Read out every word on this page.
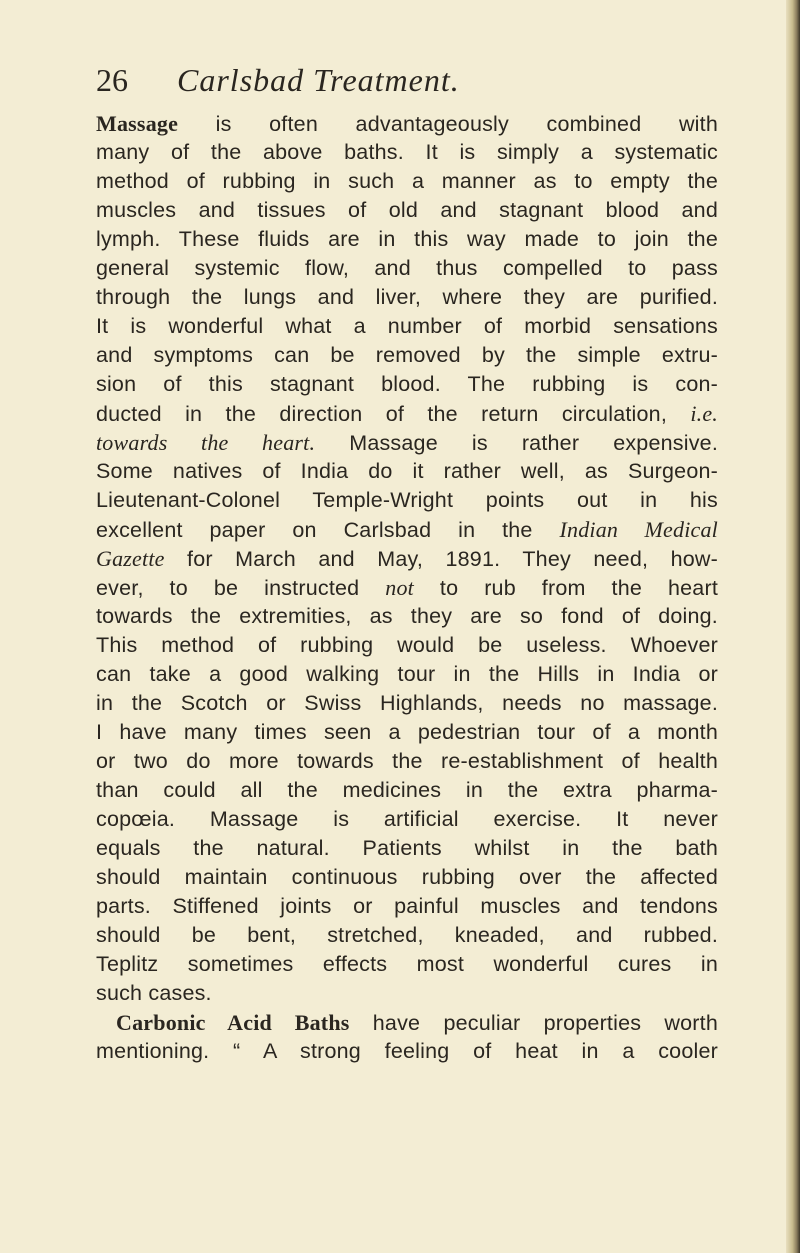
26 Carlsbad Treatment.
Massage is often advantageously combined with
many of the above baths. It is simply a systematic
method of rubbing in such a manner as to empty the
muscles and tissues of old and stagnant blood and
lymph. These fluids are in this way made to join the
general systemic flow, and thus compelled to pass
through the lungs and liver, where they are purified.
It is wonderful what a number of morbid sensations
and symptoms can be removed by the simple extru-
sion of this stagnant blood. The rubbing is con-
ducted in the direction of the return circulation, i.e.
towards the heart. Massage is rather expensive.
Some natives of India do it rather well, as Surgeon-
Lieutenant-Colonel Temple-Wright points out in his
excellent paper on Carlsbad in the Indian Medical
Gazette for March and May, 1891. They need, how-
ever, to be instructed not to rub from the heart
towards the extremities, as they are so fond of doing.
This method of rubbing would be useless. Whoever
can take a good walking tour in the Hills in India or
in the Scotch or Swiss Highlands, needs no massage.
I have many times seen a pedestrian tour of a month
or two do more towards the re-establishment of health
than could all the medicines in the extra pharma-
copœia. Massage is artificial exercise. It never
equals the natural. Patients whilst in the bath
should maintain continuous rubbing over the affected
parts. Stiffened joints or painful muscles and tendons
should be bent, stretched, kneaded, and rubbed.
Teplitz sometimes effects most wonderful cures in
such cases.
Carbonic Acid Baths have peculiar properties worth
mentioning. “ A strong feeling of heat in a cooler
